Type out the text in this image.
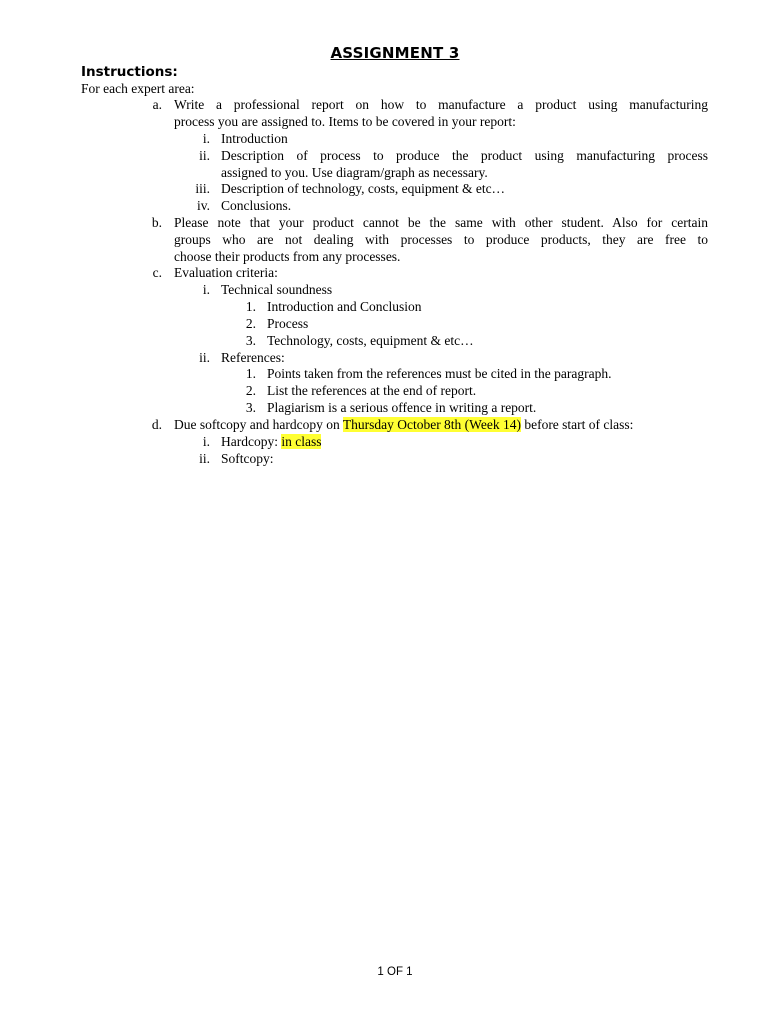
ASSIGNMENT 3
Instructions:
For each expert area:
a. Write a professional report on how to manufacture a product using manufacturing
process you are assigned to. Items to be covered in your report:
i. Introduction
ii. Description of process to produce the product using manufacturing process
assigned to you. Use diagram/graph as necessary.
iii. Description of technology, costs, equipment & etc…
iv. Conclusions.
b. Please note that your product cannot be the same with other student. Also for certain
groups who are not dealing with processes to produce products, they are free to
choose their products from any processes.
c. Evaluation criteria:
i. Technical soundness
1. Introduction and Conclusion
2. Process
3. Technology, costs, equipment & etc…
ii. References:
1. Points taken from the references must be cited in the paragraph.
2. List the references at the end of report.
3. Plagiarism is a serious offence in writing a report.
d. Due softcopy and hardcopy on Thursday October 8th (Week 14) before start of class:
i. Hardcopy: in class
ii. Softcopy:
1 OF 1
